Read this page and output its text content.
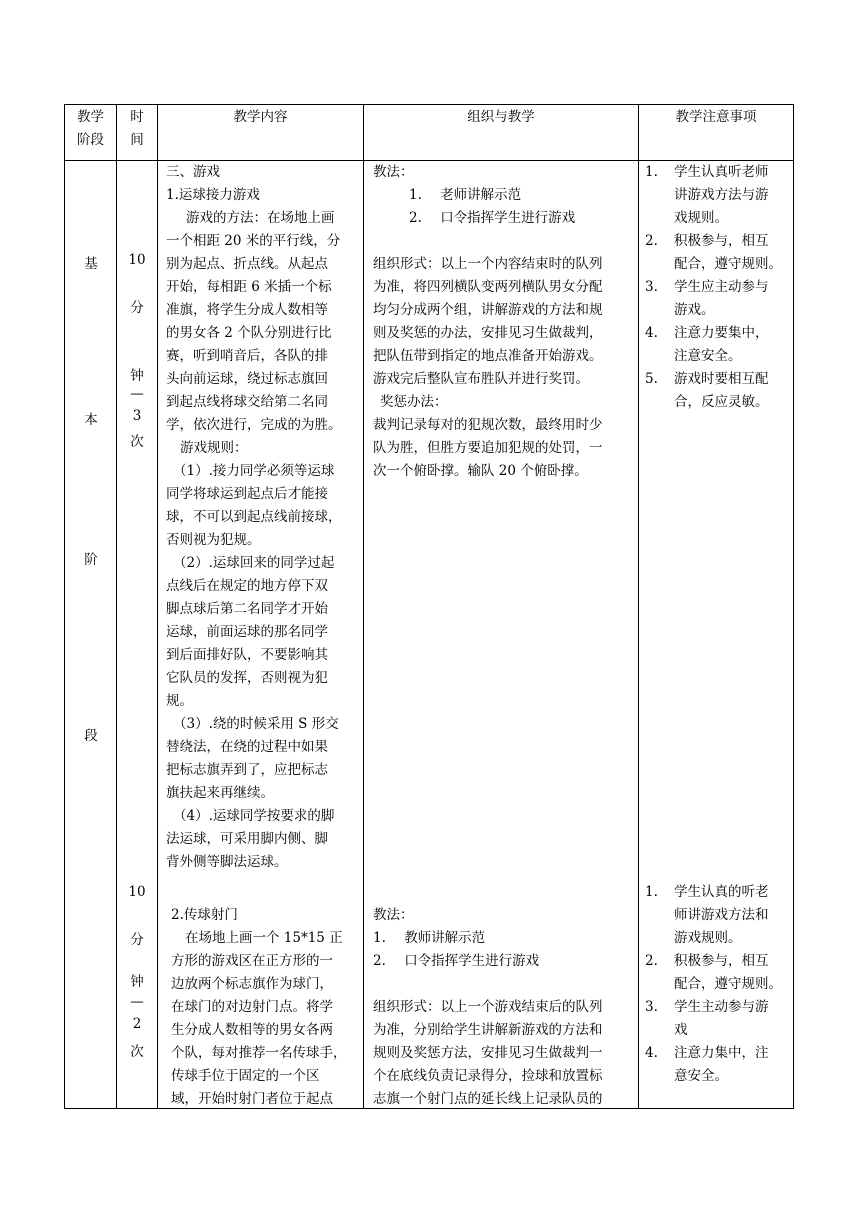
教学
阶段
时
间
教学内容	组织与教学	教学注意事项
基
本
阶
段
10
分
钟
—
3
次
三、游戏
1.运球接力游戏
游戏的方法：在场地上画
一个相距 20 米的平行线，分
别为起点、折点线。从起点
开始，每相距 6 米插一个标
准旗，将学生分成人数相等
的男女各 2 个队分别进行比
赛，听到哨音后，各队的排
头向前运球，绕过标志旗回
到起点线将球交给第二名同
学，依次进行，完成的为胜。
游戏规则：
（1）.接力同学必须等运球
同学将球运到起点后才能接
球，不可以到起点线前接球，
否则视为犯规。
（2）.运球回来的同学过起
点线后在规定的地方停下双
脚点球后第二名同学才开始
运球，前面运球的那名同学
到后面排好队，不要影响其
它队员的发挥，否则视为犯
规。
（3）.绕的时候采用 S 形交
替绕法，在绕的过程中如果
把标志旗弄到了，应把标志
旗扶起来再继续。
（4）.运球同学按要求的脚
法运球，可采用脚内侧、脚
背外侧等脚法运球。
教法：
1. 老师讲解示范
2. 口令指挥学生进行游戏
组织形式：以上一个内容结束时的队列
为准，将四列横队变两列横队男女分配
均匀分成两个组，讲解游戏的方法和规
则及奖惩的办法，安排见习生做裁判，
把队伍带到指定的地点准备开始游戏。
游戏完后整队宣布胜队并进行奖罚。
奖惩办法：
裁判记录每对的犯规次数，最终用时少
队为胜，但胜方要追加犯规的处罚，一
次一个俯卧撑。输队 20 个俯卧撑。
1. 学生认真听老师
讲游戏方法与游
戏规则。
2. 积极参与，相互
配合，遵守规则。
3. 学生应主动参与
游戏。
4. 注意力要集中，
注意安全。
5. 游戏时要相互配
合，反应灵敏。
10
分
钟
—
2
次
2.传球射门
在场地上画一个 15*15 正
方形的游戏区在正方形的一
边放两个标志旗作为球门，
在球门的对边射门点。将学
生分成人数相等的男女各两
个队，每对推荐一名传球手，
传球手位于固定的一个区
域，开始时射门者位于起点
教法：
1. 教师讲解示范
2. 口令指挥学生进行游戏
组织形式：以上一个游戏结束后的队列
为准，分别给学生讲解新游戏的方法和
规则及奖惩方法，安排见习生做裁判一
个在底线负责记录得分，捡球和放置标
志旗一个射门点的延长线上记录队员的
1. 学生认真的听老
师讲游戏方法和
游戏规则。
2. 积极参与，相互
配合，遵守规则。
3. 学生主动参与游
戏
4. 注意力集中，注
意安全。
